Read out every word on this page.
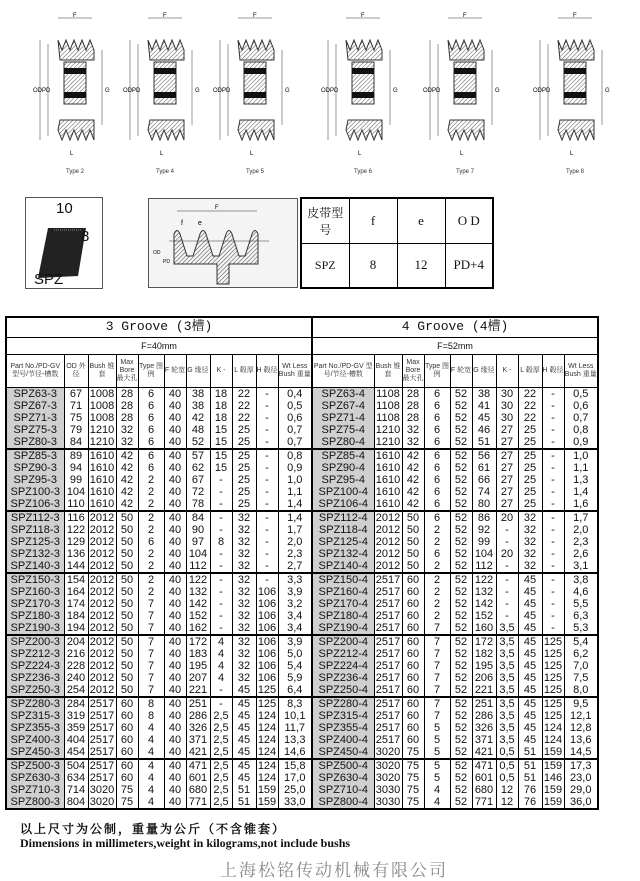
F
OD PD	G
L
Type 2
F
OD PD	G
L
Type 4
F
OD PD	G
L
Type 5
F
OD PD	G
L
Type 6
F
OD PD	G
L
Type 7
F
OD PD	G
L
Type 8
10
8
SPZ
F
f e
OD
PD
皮带型号	f	e	O D
SPZ	8	12	PD+4
3 Groove (3槽)											4 Groove (4槽)									
F=40mm											F=52mm									
Part No./PD-GV 型号/节径-槽数	OD 外径	Bush 锥套	Max Bore 最大孔	Type 图例	F 轮宽	G 缘径	K -	L 毂厚	H 毂径	Wt Less Bush 重量	Part No./PD-GV 型号/节径-槽数	Bush 锥套	Max Bore 最大孔	Type 图例	F 轮宽	G 缘径	K -	L 毂厚	H 毂径	Wt Less Bush 重量
SPZ63-3	67	1008	28	6	40	38	18	22	-	0,4	SPZ63-4	1108	28	6	52	38	30	22	-	0,5
SPZ67-3	71	1008	28	6	40	38	18	22	-	0,5	SPZ67-4	1108	28	6	52	41	30	22	-	0,6
SPZ71-3	75	1008	28	6	40	42	18	22	-	0,6	SPZ71-4	1108	28	6	52	45	30	22	-	0,7
SPZ75-3	79	1210	32	6	40	48	15	25	-	0,7	SPZ75-4	1210	32	6	52	46	27	25	-	0,8
SPZ80-3	84	1210	32	6	40	52	15	25	-	0,7	SPZ80-4	1210	32	6	52	51	27	25	-	0,9
SPZ85-3	89	1610	42	6	40	57	15	25	-	0,8	SPZ85-4	1610	42	6	52	56	27	25	-	1,0
SPZ90-3	94	1610	42	6	40	62	15	25	-	0,9	SPZ90-4	1610	42	6	52	61	27	25	-	1,1
SPZ95-3	99	1610	42	2	40	67	-	25	-	1,0	SPZ95-4	1610	42	6	52	66	27	25	-	1,3
SPZ100-3	104	1610	42	2	40	72	-	25	-	1,1	SPZ100-4	1610	42	6	52	74	27	25	-	1,4
SPZ106-3	110	1610	42	2	40	78	-	25	-	1,4	SPZ106-4	1610	42	6	52	80	27	25	-	1,6
SPZ112-3	116	2012	50	2	40	84	-	32	-	1,4	SPZ112-4	2012	50	6	52	86	20	32	-	1,7
SPZ118-3	122	2012	50	2	40	90	-	32	-	1,7	SPZ118-4	2012	50	2	52	92	-	32	-	2,0
SPZ125-3	129	2012	50	6	40	97	8	32	-	2,0	SPZ125-4	2012	50	2	52	99	-	32	-	2,3
SPZ132-3	136	2012	50	2	40	104	-	32	-	2,3	SPZ132-4	2012	50	6	52	104	20	32	-	2,6
SPZ140-3	144	2012	50	2	40	112	-	32	-	2,7	SPZ140-4	2012	50	2	52	112	-	32	-	3,1
SPZ150-3	154	2012	50	2	40	122	-	32	-	3,3	SPZ150-4	2517	60	2	52	122	-	45	-	3,8
SPZ160-3	164	2012	50	2	40	132	-	32	106	3,9	SPZ160-4	2517	60	2	52	132	-	45	-	4,6
SPZ170-3	174	2012	50	7	40	142	-	32	106	3,2	SPZ170-4	2517	60	2	52	142	-	45	-	5,5
SPZ180-3	184	2012	50	7	40	152	-	32	106	3,4	SPZ180-4	2517	60	2	52	152	-	45	-	6,3
SPZ190-3	194	2012	50	7	40	162	-	32	106	3,4	SPZ190-4	2517	60	7	52	160	3,5	45	-	5,3
SPZ200-3	204	2012	50	7	40	172	4	32	106	3,9	SPZ200-4	2517	60	7	52	172	3,5	45	125	5,4
SPZ212-3	216	2012	50	7	40	183	4	32	106	5,0	SPZ212-4	2517	60	7	52	182	3,5	45	125	6,2
SPZ224-3	228	2012	50	7	40	195	4	32	106	5,4	SPZ224-4	2517	60	7	52	195	3,5	45	125	7,0
SPZ236-3	240	2012	50	7	40	207	4	32	106	5,9	SPZ236-4	2517	60	7	52	206	3,5	45	125	7,5
SPZ250-3	254	2012	50	7	40	221	-	45	125	6,4	SPZ250-4	2517	60	7	52	221	3,5	45	125	8,0
SPZ280-3	284	2517	60	8	40	251	-	45	125	8,3	SPZ280-4	2517	60	7	52	251	3,5	45	125	9,5
SPZ315-3	319	2517	60	8	40	286	2,5	45	124	10,1	SPZ315-4	2517	60	7	52	286	3,5	45	125	12,1
SPZ355-3	359	2517	60	4	40	326	2,5	45	124	11,7	SPZ355-4	2517	60	5	52	326	3,5	45	124	12,8
SPZ400-3	404	2517	60	4	40	371	2,5	45	124	13,3	SPZ400-4	2517	60	5	52	371	3,5	45	124	13,6
SPZ450-3	454	2517	60	4	40	421	2,5	45	124	14,6	SPZ450-4	3020	75	5	52	421	0,5	51	159	14,5
SPZ500-3	504	2517	60	4	40	471	2,5	45	124	15,8	SPZ500-4	3020	75	5	52	471	0,5	51	159	17,3
SPZ630-3	634	2517	60	4	40	601	2,5	45	124	17,0	SPZ630-4	3020	75	5	52	601	0,5	51	146	23,0
SPZ710-3	714	3020	75	4	40	680	2,5	51	159	25,0	SPZ710-4	3030	75	4	52	680	12	76	159	29,0
SPZ800-3	804	3020	75	4	40	771	2,5	51	159	33,0	SPZ800-4	3030	75	4	52	771	12	76	159	36,0
以上尺寸为公制，重量为公斤（不含锥套）
Dimensions in millimeters,weight in kilograms,not include bushs
上海松铭传动机械有限公司
